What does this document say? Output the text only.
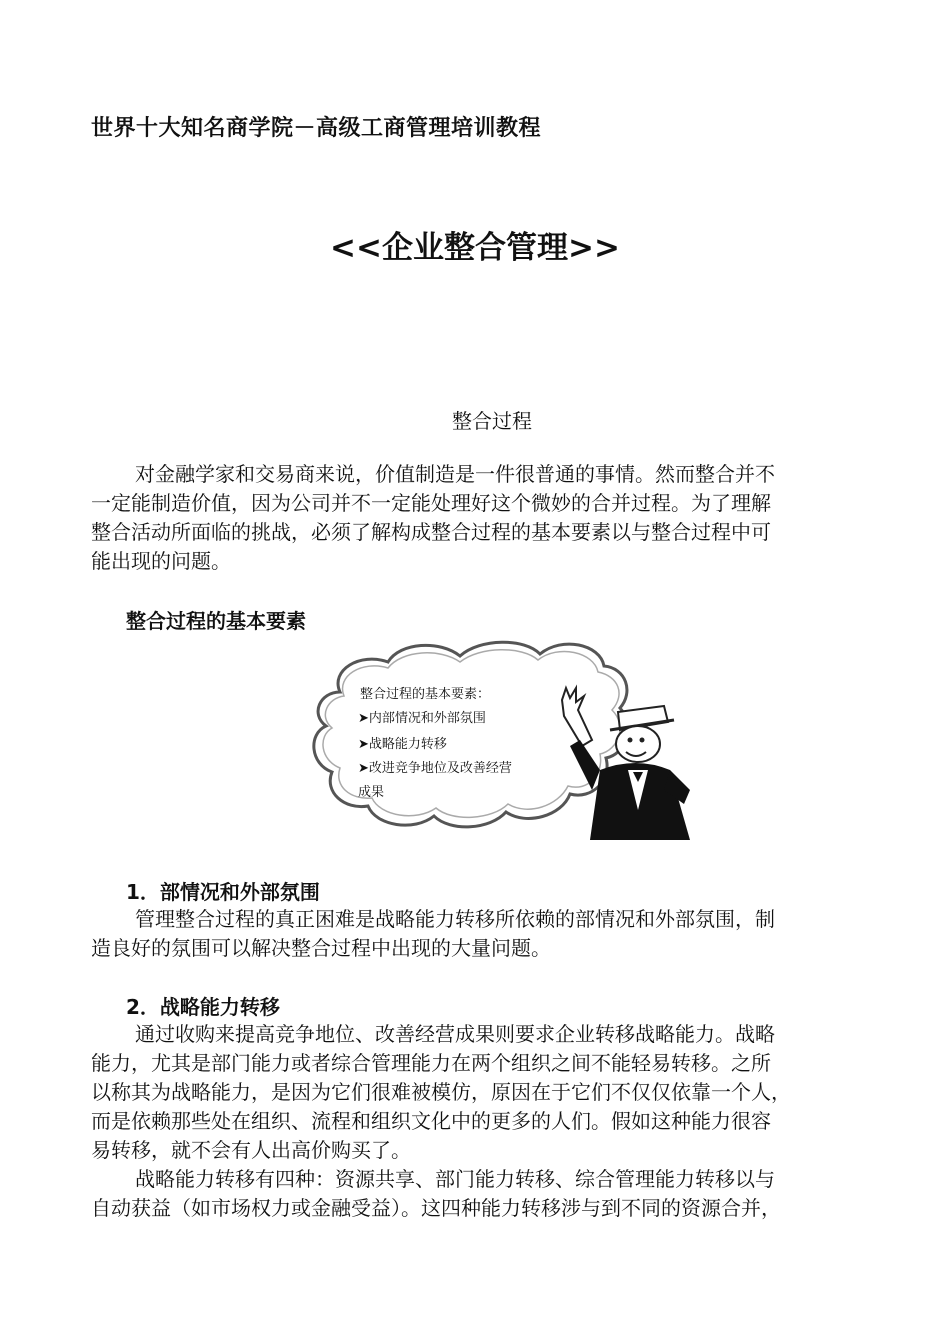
世界十大知名商学院－高级工商管理培训教程
<<企业整合管理>>
整合过程
对金融学家和交易商来说，价值制造是一件很普通的事情。然而整合并不
一定能制造价值，因为公司并不一定能处理好这个微妙的合并过程。为了理解
整合活动所面临的挑战，必须了解构成整合过程的基本要素以与整合过程中可
能出现的问题。
整合过程的基本要素
整合过程的基本要素：
➤内部情况和外部氛围
➤战略能力转移
➤改进竞争地位及改善经营
成果
1．部情况和外部氛围
管理整合过程的真正困难是战略能力转移所依赖的部情况和外部氛围，制
造良好的氛围可以解决整合过程中出现的大量问题。
2．战略能力转移
通过收购来提高竞争地位、改善经营成果则要求企业转移战略能力。战略
能力，尤其是部门能力或者综合管理能力在两个组织之间不能轻易转移。之所
以称其为战略能力，是因为它们很难被模仿，原因在于它们不仅仅依靠一个人，
而是依赖那些处在组织、流程和组织文化中的更多的人们。假如这种能力很容
易转移，就不会有人出高价购买了。
战略能力转移有四种：资源共享、部门能力转移、综合管理能力转移以与
自动获益（如市场权力或金融受益）。这四种能力转移涉与到不同的资源合并，
